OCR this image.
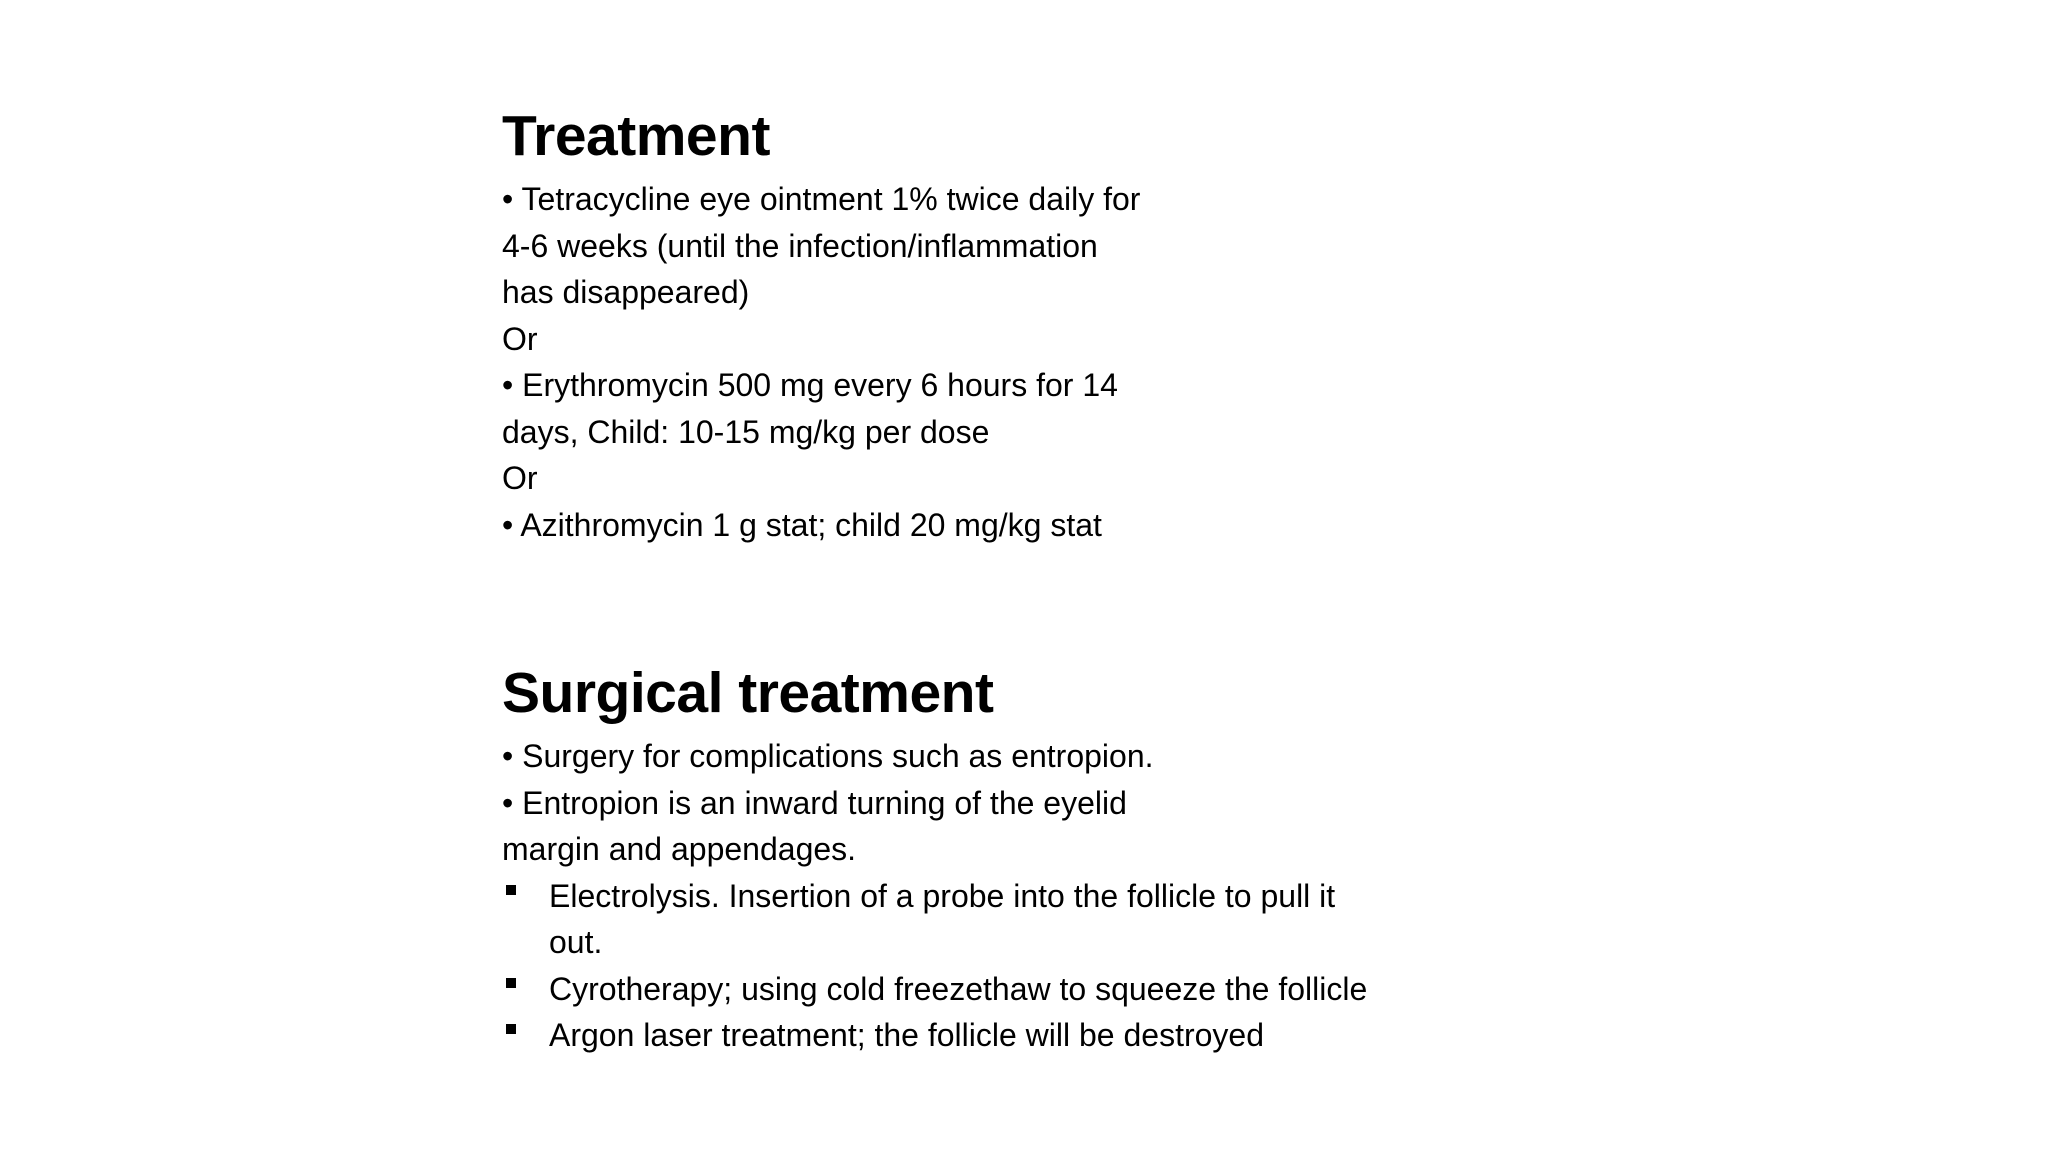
Treatment

• Tetracycline eye ointment 1% twice daily for

4-6 weeks (until the infection/inflammation

has disappeared)

Or

• Erythromycin 500 mg every 6 hours for 14

days, Child: 10-15 mg/kg per dose

Or

• Azithromycin 1 g stat; child 20 mg/kg stat

Surgical treatment

• Surgery for complications such as entropion.

• Entropion is an inward turning of the eyelid

margin and appendages.

Electrolysis. Insertion of a probe into the follicle to pull it
out.
Cyrotherapy; using cold freezethaw to squeeze the follicle
Argon laser treatment; the follicle will be destroyed
